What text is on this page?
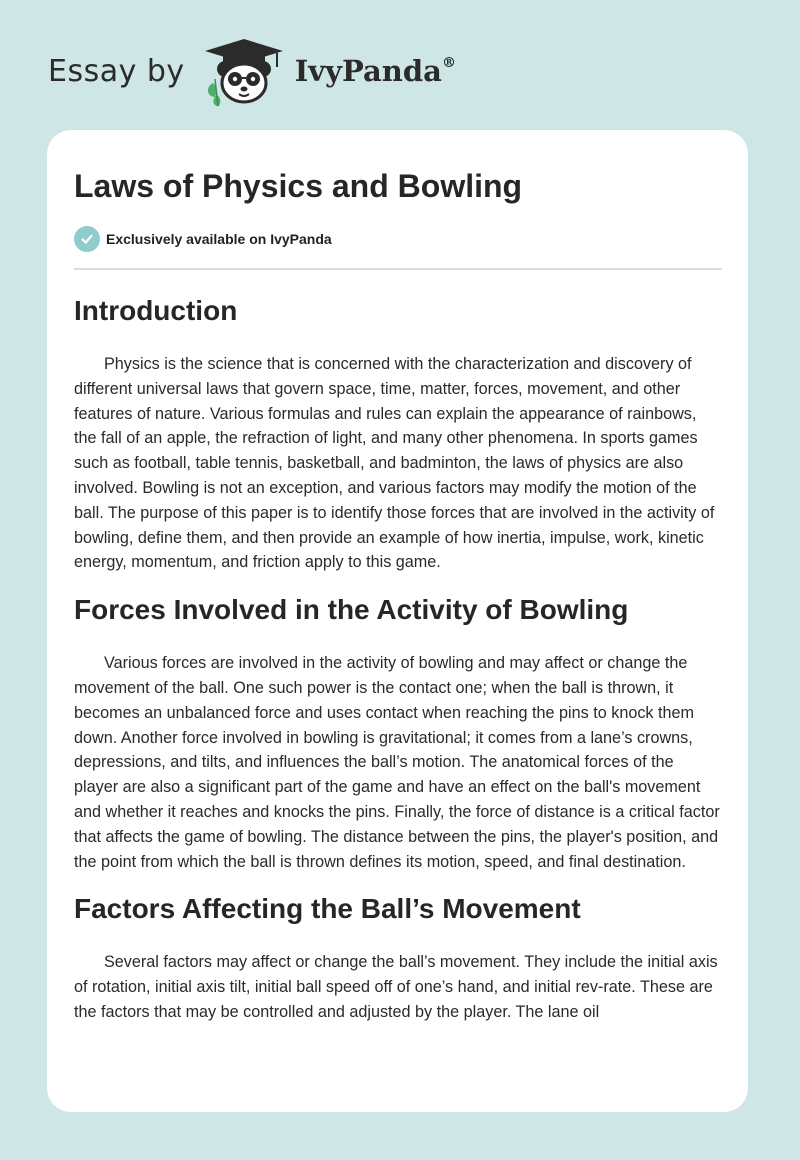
Essay by	IvyPanda®
Laws of Physics and Bowling
Exclusively available on IvyPanda
Introduction

Physics is the science that is concerned with the characterization and discovery of different universal laws that govern space, time, matter, forces, movement, and other features of nature. Various formulas and rules can explain the appearance of rainbows, the fall of an apple, the refraction of light, and many other phenomena. In sports games such as football, table tennis, basketball, and badminton, the laws of physics are also involved. Bowling is not an exception, and various factors may modify the motion of the ball. The purpose of this paper is to identify those forces that are involved in the activity of bowling, define them, and then provide an example of how inertia, impulse, work, kinetic energy, momentum, and friction apply to this game.

Forces Involved in the Activity of Bowling

Various forces are involved in the activity of bowling and may affect or change the movement of the ball. One such power is the contact one; when the ball is thrown, it becomes an unbalanced force and uses contact when reaching the pins to knock them down. Another force involved in bowling is gravitational; it comes from a lane’s crowns, depressions, and tilts, and influences the ball’s motion. The anatomical forces of the player are also a significant part of the game and have an effect on the ball's movement and whether it reaches and knocks the pins. Finally, the force of distance is a critical factor that affects the game of bowling. The distance between the pins, the player's position, and the point from which the ball is thrown defines its motion, speed, and final destination.

Factors Affecting the Ball’s Movement

Several factors may affect or change the ball’s movement. They include the initial axis of rotation, initial axis tilt, initial ball speed off of one’s hand, and initial rev-rate. These are the factors that may be controlled and adjusted by the player. The lane oil
